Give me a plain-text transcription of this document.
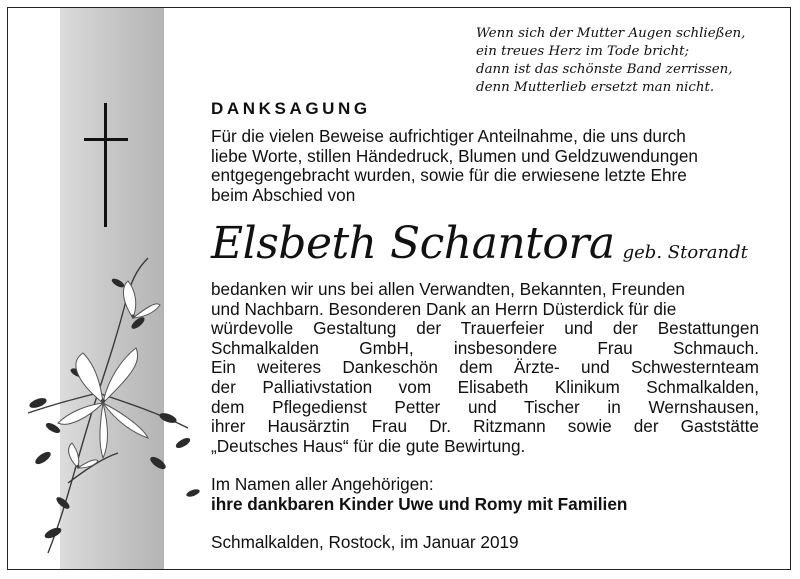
Wenn sich der Mutter Augen schließen,
ein treues Herz im Tode bricht;
dann ist das schönste Band zerrissen,
denn Mutterlieb ersetzt man nicht.
DANKSAGUNG
Für die vielen Beweise aufrichtiger Anteilnahme, die uns durch
liebe Worte, stillen Händedruck, Blumen und Geldzuwendungen
entgegengebracht wurden, sowie für die erwiesene letzte Ehre
beim Abschied von
Elsbeth Schantora geb. Storandt
bedanken wir uns bei allen Verwandten, Bekannten, Freunden
und Nachbarn. Besonderen Dank an Herrn Düsterdick für die
würdevolle Gestaltung der Trauerfeier und der Bestattungen
Schmalkalden GmbH, insbesondere Frau Schmauch.
Ein weiteres Dankeschön dem Ärzte- und Schwesternteam
der Palliativstation vom Elisabeth Klinikum Schmalkalden,
dem Pflegedienst Petter und Tischer in Wernshausen,
ihrer Hausärztin Frau Dr. Ritzmann sowie der Gaststätte
„Deutsches Haus“ für die gute Bewirtung.
Im Namen aller Angehörigen:
ihre dankbaren Kinder Uwe und Romy mit Familien
Schmalkalden, Rostock, im Januar 2019
